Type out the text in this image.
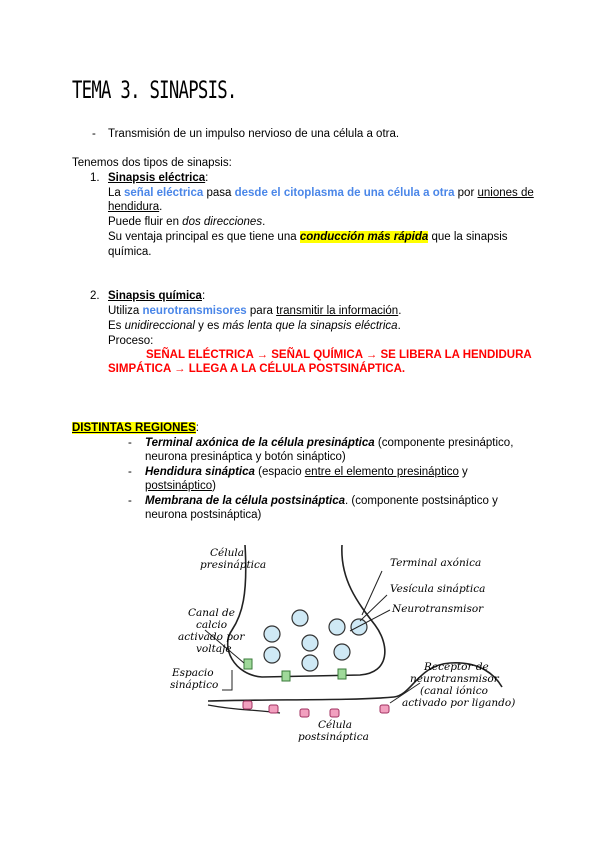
TEMA 3. SINAPSIS.
- Transmisión de un impulso nervioso de una célula a otra.
Tenemos dos tipos de sinapsis:
1. Sinapsis eléctrica:
La señal eléctrica pasa desde el citoplasma de una célula a otra por uniones de
hendidura.
Puede fluir en dos direcciones.
Su ventaja principal es que tiene una conducción más rápida que la sinapsis
química.
2. Sinapsis química:
Utiliza neurotransmisores para transmitir la información.
Es unidireccional y es más lenta que la sinapsis eléctrica.
Proceso:
SEÑAL ELÉCTRICA → SEÑAL QUÍMICA → SE LIBERA LA HENDIDURA
SIMPÁTICA → LLEGA A LA CÉLULA POSTSINÁPTICA.
DISTINTAS REGIONES:
- Terminal axónica de la célula presináptica (componente presináptico,
neurona presináptica y botón sináptico)
- Hendidura sináptica (espacio entre el elemento presináptico y
postsináptico)
- Membrana de la célula postsináptica. (componente postsináptico y
neurona postsináptica)
Célula
presináptica
Canal de
calcio
activado por
voltaje
Espacio
sináptico
Terminal axónica
Vesícula sináptica
Neurotransmisor
Receptor de
neurotransmisor
(canal iónico
activado por ligando)
Célula
postsináptica
